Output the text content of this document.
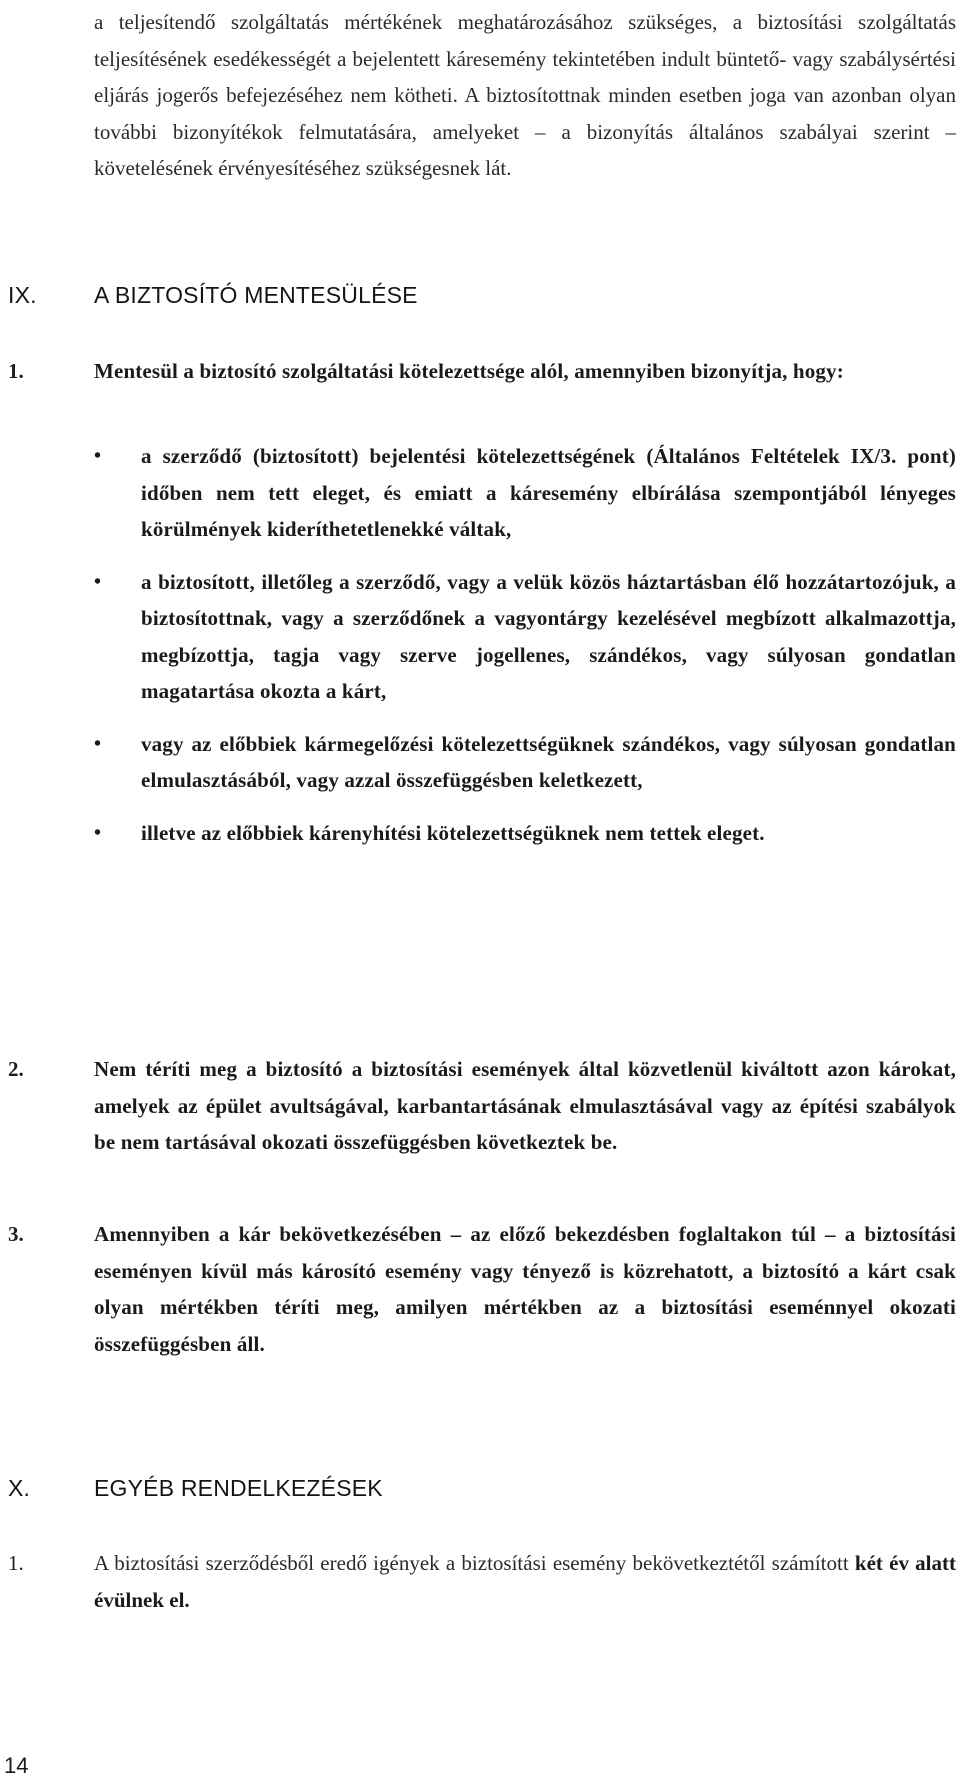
a teljesítendő szolgáltatás mértékének meghatározásához szükséges, a biztosítási szolgáltatás teljesítésének esedékességét a bejelentett káresemény tekintetében indult büntető- vagy szabálysértési eljárás jogerős befejezéséhez nem kötheti. A biztosítottnak minden esetben joga van azonban olyan további bizonyítékok felmutatására, amelyeket – a bizonyítás általános szabályai szerint – követelésének érvényesítéséhez szükségesnek lát.

IX. A BIZTOSÍTÓ MENTESÜLÉSE
1.	Mentesül a biztosító szolgáltatási kötelezettsége alól, amennyiben bizonyítja, hogy:
• a szerződő (biztosított) bejelentési kötelezettségének (Általános Feltételek IX/3. pont) időben nem tett eleget, és emiatt a káresemény elbírálása szempontjából lényeges körülmények kideríthetetlenekké váltak,
• a biztosított, illetőleg a szerződő, vagy a velük közös háztartásban élő hozzátartozójuk, a biztosítottnak, vagy a szerződőnek a vagyontárgy kezelésével megbízott alkalmazottja, megbízottja, tagja vagy szerve jogellenes, szándékos, vagy súlyosan gondatlan magatartása okozta a kárt,
• vagy az előbbiek kármegelőzési kötelezettségüknek szándékos, vagy súlyosan gondatlan elmulasztásából, vagy azzal összefüggésben keletkezett,
• illetve az előbbiek kárenyhítési kötelezettségüknek nem tettek eleget.
2.	Nem téríti meg a biztosító a biztosítási események által közvetlenül kiváltott azon károkat, amelyek az épület avultságával, karbantartásának elmulasztásával vagy az építési szabályok be nem tartásával okozati összefüggésben következtek be.
3.	Amennyiben a kár bekövetkezésében – az előző bekezdésben foglaltakon túl – a biztosítási eseményen kívül más károsító esemény vagy tényező is közrehatott, a biztosító a kárt csak olyan mértékben téríti meg, amilyen mértékben az a biztosítási eseménnyel okozati összefüggésben áll.
X.	EGYÉB RENDELKEZÉSEK
1.	A biztosítási szerződésből eredő igények a biztosítási esemény bekövetkeztétől számított két év alatt évülnek el.
14
